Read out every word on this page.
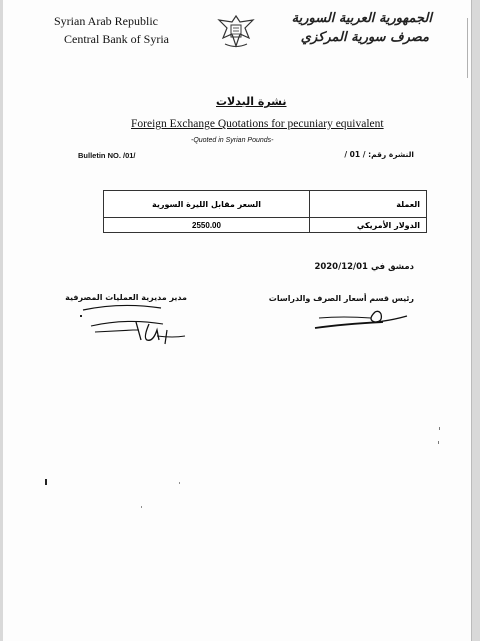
Syrian Arab Republic
Central Bank of Syria
الجمهورية العربية السورية
مصرف سورية المركزي
نشرة البدلات
Foreign Exchange Quotations for pecuniary equivalent
-Quoted in Syrian Pounds-
Bulletin NO. /01/	النشرة رقم: / 01 /
السعر مقابل الليرة السورية	العملة
2550.00	الدولار الأمريكي
دمشق في 2020/12/01
مدير مديرية العمليات المصرفية	رئيس قسم أسعار الصرف والدراسات
